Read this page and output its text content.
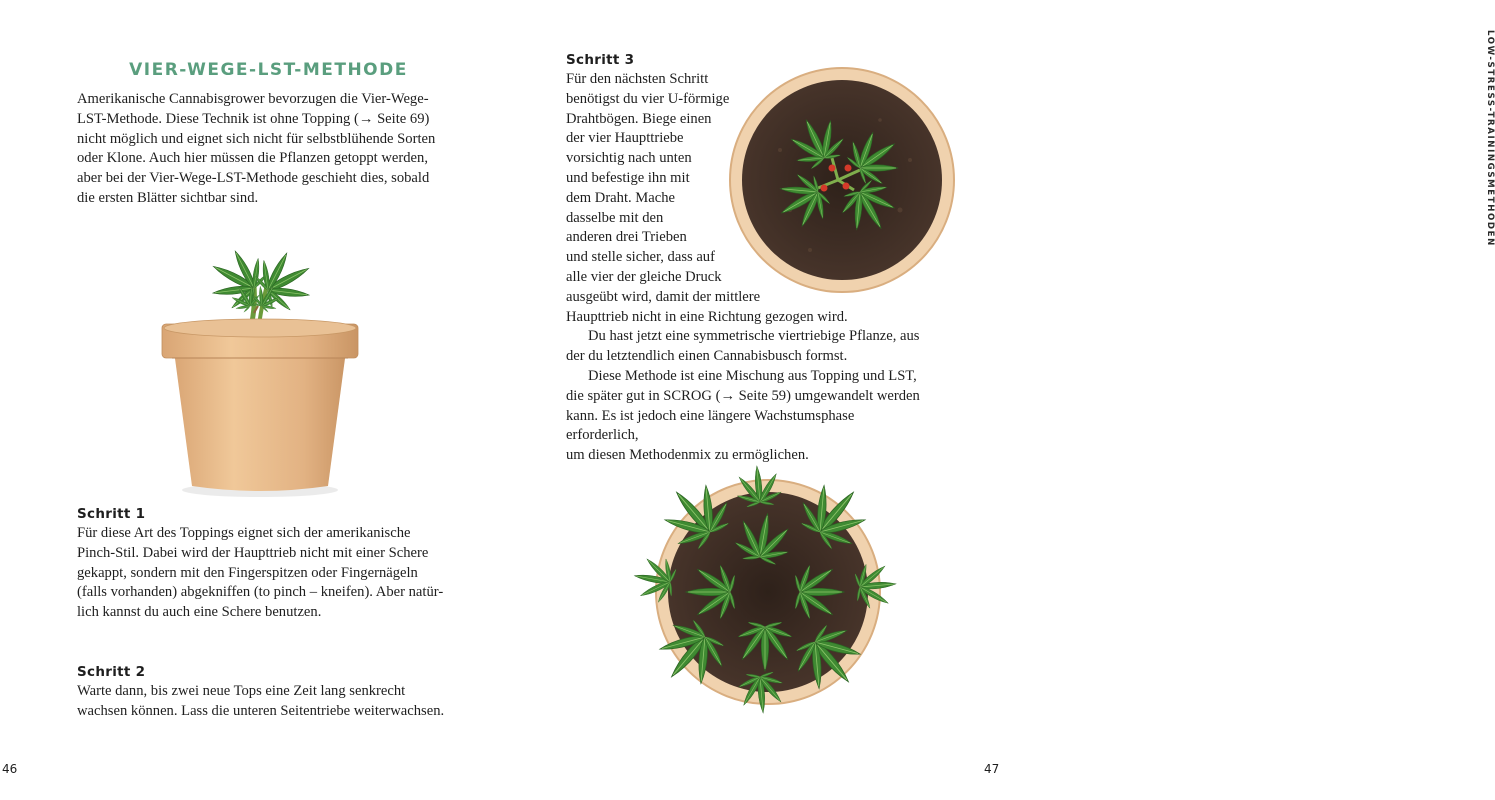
VIER-WEGE-LST-METHODE

Amerikanische Cannabisgrower bevorzugen die Vier-Wege-

LST-Methode. Diese Technik ist ohne Topping (→ Seite 69)

nicht möglich und eignet sich nicht für selbstblühende Sorten

oder Klone. Auch hier müssen die Pflanzen getoppt werden,

aber bei der Vier-Wege-LST-Methode geschieht dies, sobald

die ersten Blätter sichtbar sind.

Schritt 1

Für diese Art des Toppings eignet sich der amerikanische

Pinch-Stil. Dabei wird der Haupttrieb nicht mit einer Schere

gekappt, sondern mit den Fingerspitzen oder Fingernägeln

(falls vorhanden) abgekniffen (to pinch – kneifen). Aber natür-

lich kannst du auch eine Schere benutzen.

Schritt 2

Warte dann, bis zwei neue Tops eine Zeit lang senkrecht

wachsen können. Lass die unteren Seitentriebe weiterwachsen.

46
Schritt 3

Für den nächsten Schritt

benötigst du vier U-förmige

Drahtbögen. Biege einen

der vier Haupttriebe

vorsichtig nach unten

und befestige ihn mit

dem Draht. Mache

dasselbe mit den

anderen drei Trieben

und stelle sicher, dass auf

alle vier der gleiche Druck

ausgeübt wird, damit der mittlere

Haupttrieb nicht in eine Richtung gezogen wird.

Du hast jetzt eine symmetrische viertriebige Pflanze, aus

der du letztendlich einen Cannabisbusch formst.

Diese Methode ist eine Mischung aus Topping und LST,

die später gut in SCROG (→ Seite 59) umgewandelt werden

kann. Es ist jedoch eine längere Wachstumsphase erforderlich,

um diesen Methodenmix zu ermöglichen.

LOW-STRESS-TRAININGSMETHODEN
47
